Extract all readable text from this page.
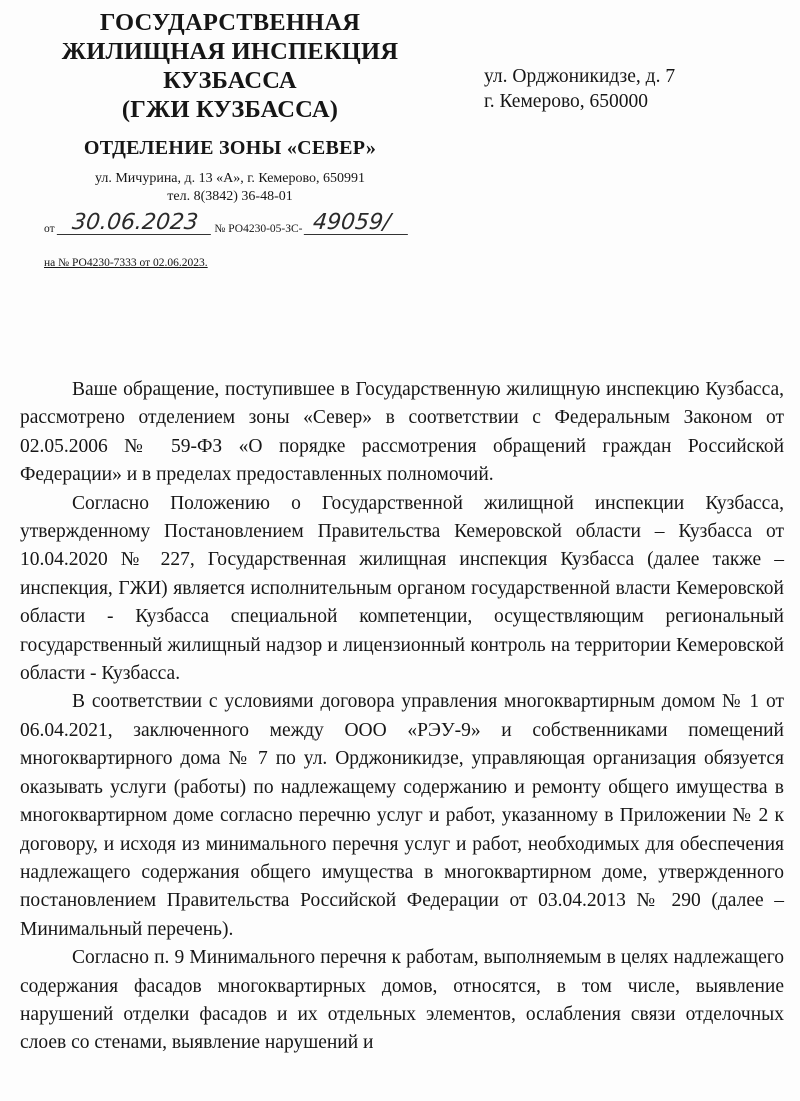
ГОСУДАРСТВЕННАЯ
ЖИЛИЩНАЯ ИНСПЕКЦИЯ
КУЗБАССА
(ГЖИ КУЗБАССА)
ОТДЕЛЕНИЕ ЗОНЫ «СЕВЕР»
ул. Мичурина, д. 13 «А», г. Кемерово, 650991
тел. 8(3842) 36-48-01
ул. Орджоникидзе, д. 7
г. Кемерово, 650000
от 30.06.2023 № РО4230-05-ЗС- 49059/
на № РО4230-7333 от 02.06.2023.

Ваше обращение, поступившее в Государственную жилищную инспекцию Кузбасса, рассмотрено отделением зоны «Север» в соответствии с Федеральным Законом от 02.05.2006 № 59-ФЗ «О порядке рассмотрения обращений граждан Российской Федерации» и в пределах предоставленных полномочий.

Согласно Положению о Государственной жилищной инспекции Кузбасса, утвержденному Постановлением Правительства Кемеровской области – Кузбасса от 10.04.2020 № 227, Государственная жилищная инспекция Кузбасса (далее также – инспекция, ГЖИ) является исполнительным органом государственной власти Кемеровской области - Кузбасса специальной компетенции, осуществляющим региональный государственный жилищный надзор и лицензионный контроль на территории Кемеровской области - Кузбасса.

В соответствии с условиями договора управления многоквартирным домом № 1 от 06.04.2021, заключенного между ООО «РЭУ-9» и собственниками помещений многоквартирного дома № 7 по ул. Орджоникидзе, управляющая организация обязуется оказывать услуги (работы) по надлежащему содержанию и ремонту общего имущества в многоквартирном доме согласно перечню услуг и работ, указанному в Приложении № 2 к договору, и исходя из минимального перечня услуг и работ, необходимых для обеспечения надлежащего содержания общего имущества в многоквартирном доме, утвержденного постановлением Правительства Российской Федерации от 03.04.2013 № 290 (далее – Минимальный перечень).

Согласно п. 9 Минимального перечня к работам, выполняемым в целях надлежащего содержания фасадов многоквартирных домов, относятся, в том числе, выявление нарушений отделки фасадов и их отдельных элементов, ослабления связи отделочных слоев со стенами, выявление нарушений и
